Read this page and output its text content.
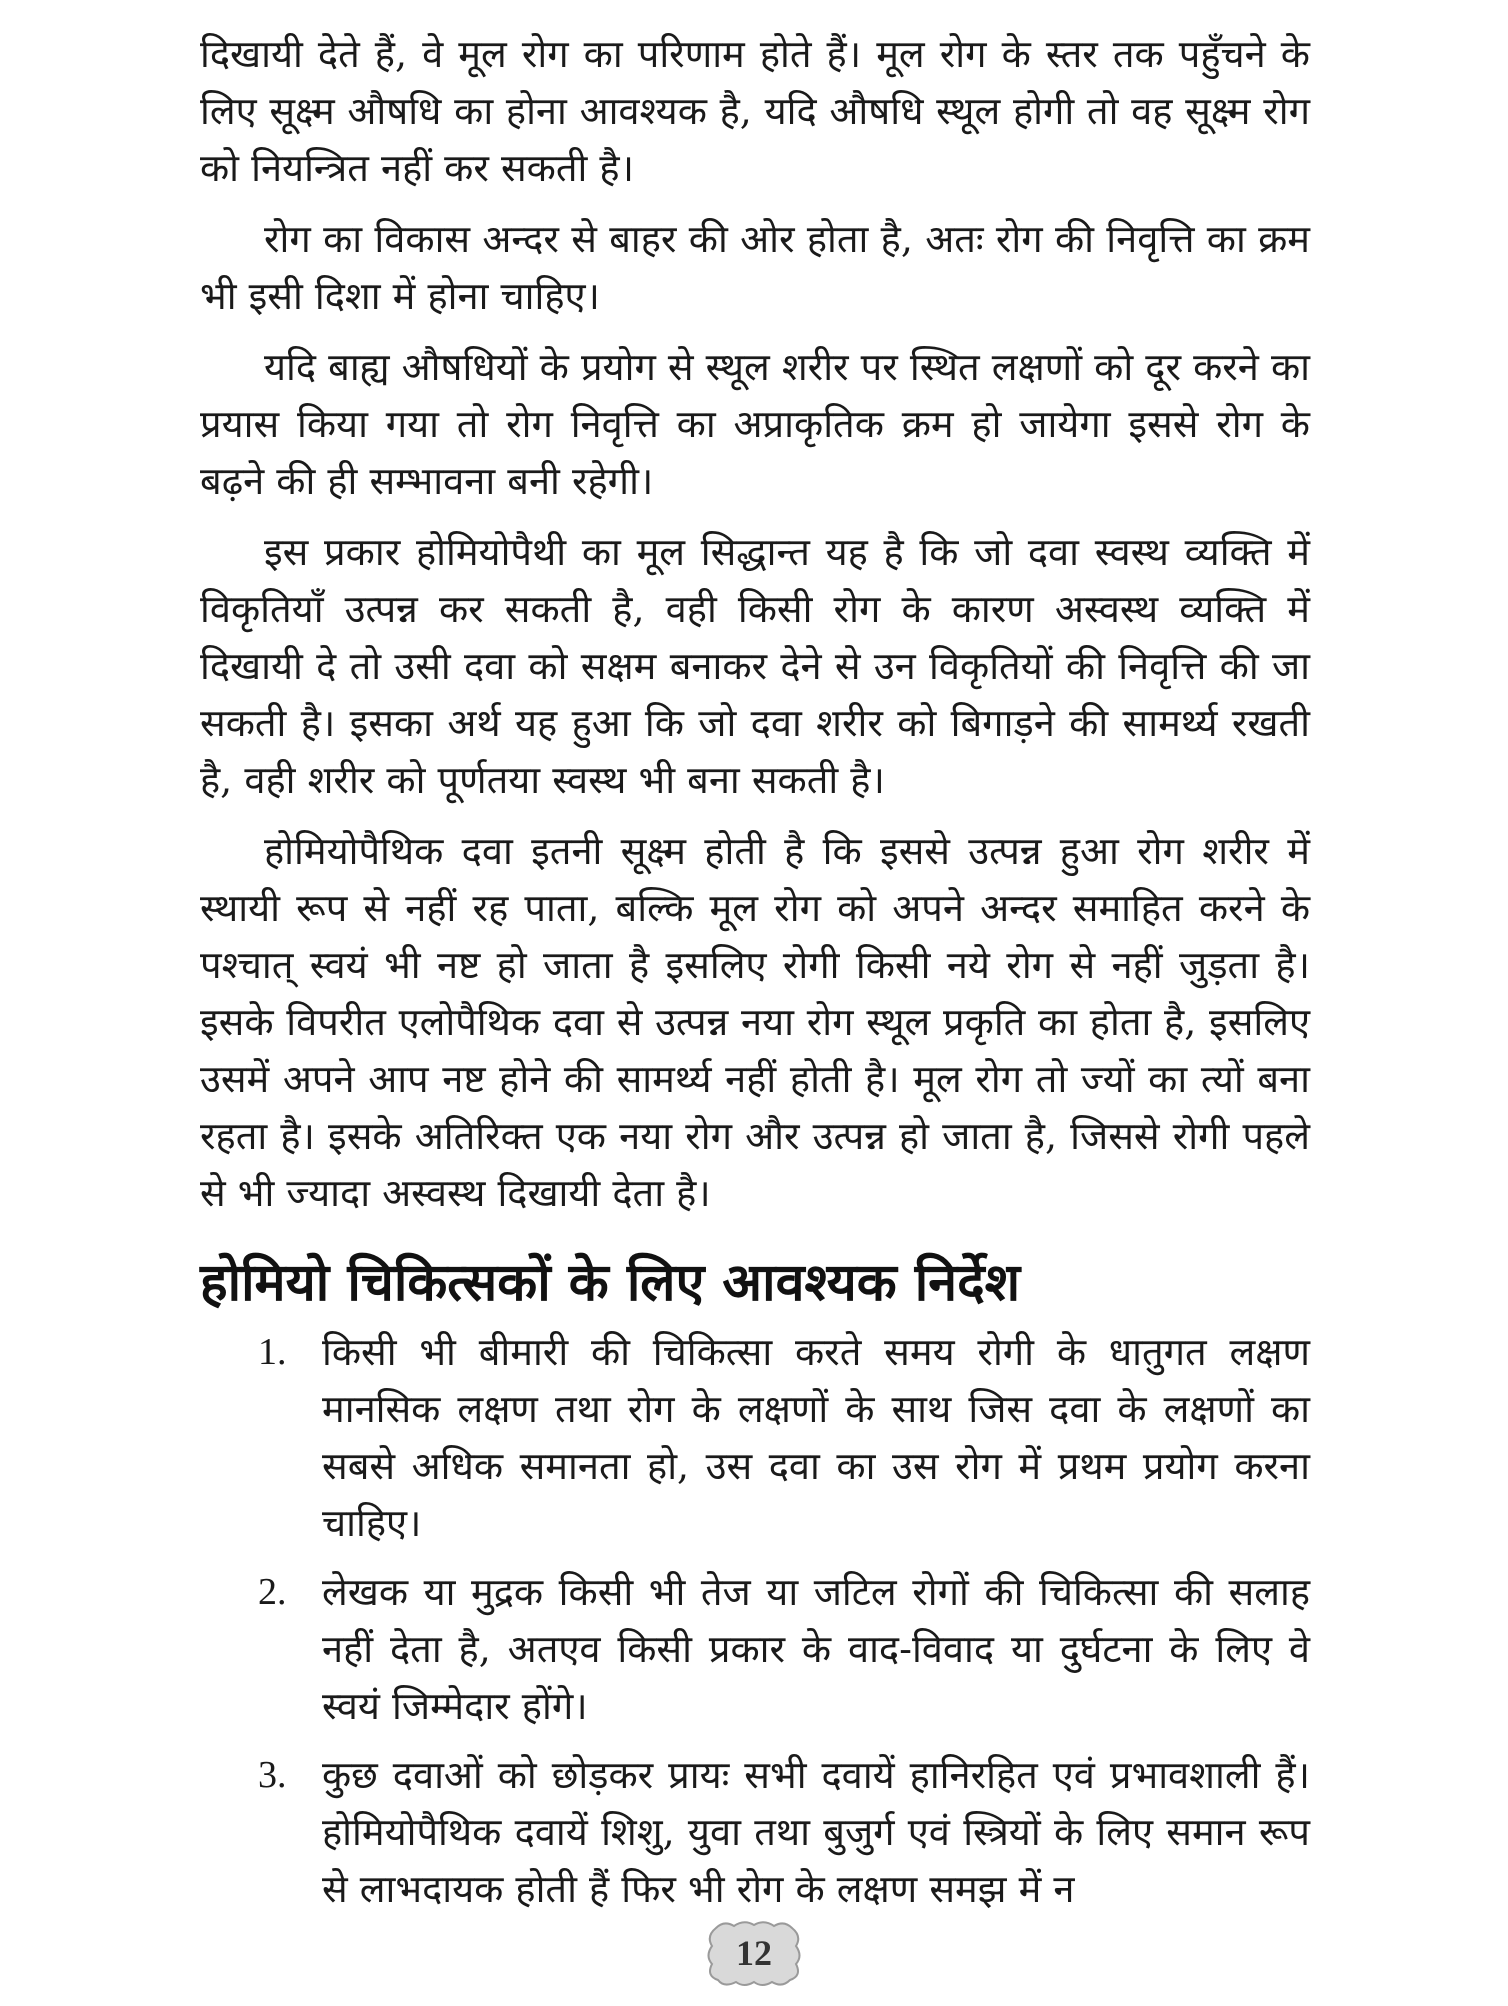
दिखायी देते हैं, वे मूल रोग का परिणाम होते हैं। मूल रोग के स्तर तक पहुँचने के लिए सूक्ष्म औषधि का होना आवश्यक है, यदि औषधि स्थूल होगी तो वह सूक्ष्म रोग को नियन्त्रित नहीं कर सकती है।

रोग का विकास अन्दर से बाहर की ओर होता है, अतः रोग की निवृत्ति का क्रम भी इसी दिशा में होना चाहिए।

यदि बाह्य औषधियों के प्रयोग से स्थूल शरीर पर स्थित लक्षणों को दूर करने का प्रयास किया गया तो रोग निवृत्ति का अप्राकृतिक क्रम हो जायेगा इससे रोग के बढ़ने की ही सम्भावना बनी रहेगी।

इस प्रकार होमियोपैथी का मूल सिद्धान्त यह है कि जो दवा स्वस्थ व्यक्ति में विकृतियाँ उत्पन्न कर सकती है, वही किसी रोग के कारण अस्वस्थ व्यक्ति में दिखायी दे तो उसी दवा को सक्षम बनाकर देने से उन विकृतियों की निवृत्ति की जा सकती है। इसका अर्थ यह हुआ कि जो दवा शरीर को बिगाड़ने की सामर्थ्य रखती है, वही शरीर को पूर्णतया स्वस्थ भी बना सकती है।

होमियोपैथिक दवा इतनी सूक्ष्म होती है कि इससे उत्पन्न हुआ रोग शरीर में स्थायी रूप से नहीं रह पाता, बल्कि मूल रोग को अपने अन्दर समाहित करने के पश्चात् स्वयं भी नष्ट हो जाता है इसलिए रोगी किसी नये रोग से नहीं जुड़ता है। इसके विपरीत एलोपैथिक दवा से उत्पन्न नया रोग स्थूल प्रकृति का होता है, इसलिए उसमें अपने आप नष्ट होने की सामर्थ्य नहीं होती है। मूल रोग तो ज्यों का त्यों बना रहता है। इसके अतिरिक्त एक नया रोग और उत्पन्न हो जाता है, जिससे रोगी पहले से भी ज्यादा अस्वस्थ दिखायी देता है।

होमियो चिकित्सकों के लिए आवश्यक निर्देश
1. किसी भी बीमारी की चिकित्सा करते समय रोगी के धातुगत लक्षण मानसिक लक्षण तथा रोग के लक्षणों के साथ जिस दवा के लक्षणों का सबसे अधिक समानता हो, उस दवा का उस रोग में प्रथम प्रयोग करना चाहिए।
2. लेखक या मुद्रक किसी भी तेज या जटिल रोगों की चिकित्सा की सलाह नहीं देता है, अतएव किसी प्रकार के वाद-विवाद या दुर्घटना के लिए वे स्वयं जिम्मेदार होंगे।
3. कुछ दवाओं को छोड़कर प्रायः सभी दवायें हानिरहित एवं प्रभावशाली हैं। होमियोपैथिक दवायें शिशु, युवा तथा बुजुर्ग एवं स्त्रियों के लिए समान रूप से लाभदायक होती हैं फिर भी रोग के लक्षण समझ में न
12
